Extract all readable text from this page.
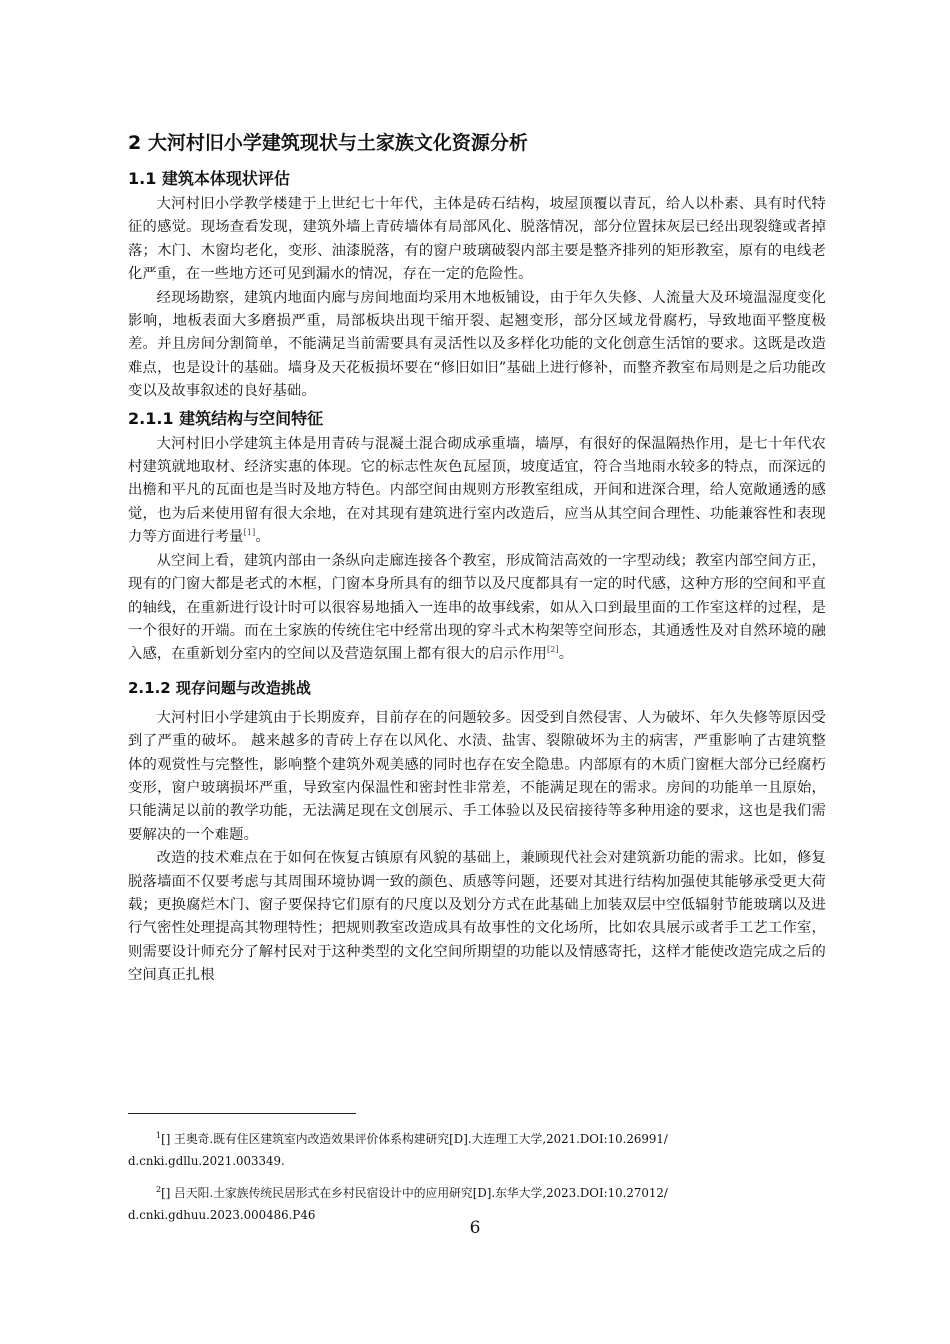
2 大河村旧小学建筑现状与土家族文化资源分析
1.1 建筑本体现状评估

大河村旧小学教学楼建于上世纪七十年代，主体是砖石结构，坡屋顶覆以青瓦，给人以朴素、具有时代特征的感觉。现场查看发现，建筑外墙上青砖墙体有局部风化、脱落情况，部分位置抹灰层已经出现裂缝或者掉落；木门、木窗均老化，变形、油漆脱落，有的窗户玻璃破裂内部主要是整齐排列的矩形教室，原有的电线老化严重，在一些地方还可见到漏水的情况，存在一定的危险性。

经现场勘察，建筑内地面内廊与房间地面均采用木地板铺设，由于年久失修、人流量大及环境温湿度变化影响，地板表面大多磨损严重，局部板块出现干缩开裂、起翘变形，部分区域龙骨腐朽，导致地面平整度极差。并且房间分割简单，不能满足当前需要具有灵活性以及多样化功能的文化创意生活馆的要求。这既是改造难点，也是设计的基础。墙身及天花板损坏要在“修旧如旧”基础上进行修补，而整齐教室布局则是之后功能改变以及故事叙述的良好基础。

2.1.1 建筑结构与空间特征

大河村旧小学建筑主体是用青砖与混凝土混合砌成承重墙，墙厚，有很好的保温隔热作用，是七十年代农村建筑就地取材、经济实惠的体现。它的标志性灰色瓦屋顶，坡度适宜，符合当地雨水较多的特点，而深远的出檐和平凡的瓦面也是当时及地方特色。内部空间由规则方形教室组成，开间和进深合理，给人宽敞通透的感觉，也为后来使用留有很大余地，在对其现有建筑进行室内改造后，应当从其空间合理性、功能兼容性和表现力等方面进行考量[1]。

从空间上看，建筑内部由一条纵向走廊连接各个教室，形成简洁高效的一字型动线；教室内部空间方正，现有的门窗大都是老式的木框，门窗本身所具有的细节以及尺度都具有一定的时代感，这种方形的空间和平直的轴线，在重新进行设计时可以很容易地插入一连串的故事线索，如从入口到最里面的工作室这样的过程，是一个很好的开端。而在土家族的传统住宅中经常出现的穿斗式木构架等空间形态，其通透性及对自然环境的融入感，在重新划分室内的空间以及营造氛围上都有很大的启示作用[2]。

2.1.2 现存问题与改造挑战

大河村旧小学建筑由于长期废弃，目前存在的问题较多。因受到自然侵害、人为破坏、年久失修等原因受到了严重的破坏。 越来越多的青砖上存在以风化、水渍、盐害、裂隙破坏为主的病害，严重影响了古建筑整体的观赏性与完整性，影响整个建筑外观美感的同时也存在安全隐患。内部原有的木质门窗框大部分已经腐朽变形，窗户玻璃损坏严重，导致室内保温性和密封性非常差，不能满足现在的需求。房间的功能单一且原始，只能满足以前的教学功能，无法满足现在文创展示、手工体验以及民宿接待等多种用途的要求，这也是我们需要解决的一个难题。

改造的技术难点在于如何在恢复古镇原有风貌的基础上，兼顾现代社会对建筑新功能的需求。比如，修复脱落墙面不仅要考虑与其周围环境协调一致的颜色、质感等问题，还要对其进行结构加强使其能够承受更大荷载；更换腐烂木门、窗子要保持它们原有的尺度以及划分方式在此基础上加装双层中空低辐射节能玻璃以及进行气密性处理提高其物理特性；把规则教室改造成具有故事性的文化场所，比如农具展示或者手工艺工作室，则需要设计师充分了解村民对于这种类型的文化空间所期望的功能以及情感寄托，这样才能使改造完成之后的空间真正扎根

$^1$[] 王奥奇.既有住区建筑室内改造效果评价体系构建研究[D].大连理工大学,2021.DOI:10.26991/
d.cnki.gdllu.2021.003349.
$^2$[] 吕天阳.土家族传统民居形式在乡村民宿设计中的应用研究[D].东华大学,2023.DOI:10.27012/
d.cnki.gdhuu.2023.000486.P46
6
